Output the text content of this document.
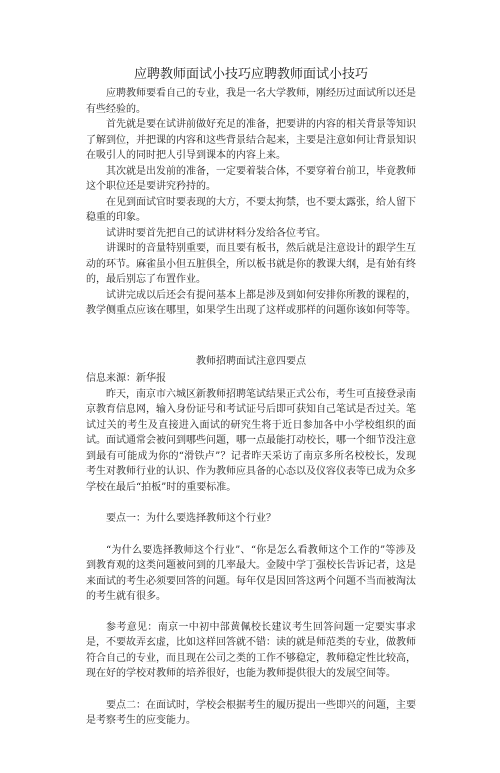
应聘教师面试小技巧应聘教师面试小技巧

应聘教师要看自己的专业，我是一名大学教师，刚经历过面试所以还是有些经验的。

首先就是要在试讲前做好充足的准备，把要讲的内容的相关背景等知识了解到位，并把课的内容和这些背景结合起来，主要是注意如何让背景知识在吸引人的同时把人引导到课本的内容上来。

其次就是出发前的准备，一定要着装合体，不要穿着台前卫，毕竟教师这个职位还是要讲究矜持的。

在见到面试官时要表现的大方，不要太拘禁，也不要太露张，给人留下稳重的印象。

试讲时要首先把自己的试讲材料分发给各位考官。

讲课时的音量特别重要，而且要有板书，然后就是注意设计的跟学生互动的环节。麻雀虽小但五脏俱全，所以板书就是你的教课大纲，是有始有终的，最后别忘了布置作业。

试讲完成以后还会有提问基本上都是涉及到如何安排你所教的课程的，教学侧重点应该在哪里，如果学生出现了这样或那样的问题你该如何等等。

教师招聘面试注意四要点

信息来源：新华报

昨天，南京市六城区新教师招聘笔试结果正式公布，考生可直接登录南京教育信息网，输入身份证号和考试证号后即可获知自己笔试是否过关。笔试过关的考生及直接进入面试的研究生将于近日参加各中小学校组织的面试。面试通常会被问到哪些问题，哪一点最能打动校长，哪一个细节没注意到最有可能成为你的“滑铁卢”？记者昨天采访了南京多所名校校长，发现考生对教师行业的认识、作为教师应具备的心态以及仪容仪表等已成为众多学校在最后“拍板”时的重要标准。

要点一：为什么要选择教师这个行业？

“为什么要选择教师这个行业”、“你是怎么看教师这个工作的”等涉及到教育观的这类问题被问到的几率最大。金陵中学丁强校长告诉记者，这是来面试的考生必须要回答的问题。每年仅是因回答这两个问题不当而被淘汰的考生就有很多。

参考意见：南京一中初中部黄佩校长建议考生回答问题一定要实事求是，不要故弄玄虚，比如这样回答就不错：读的就是师范类的专业，做教师符合自己的专业，而且现在公司之类的工作不够稳定，教师稳定性比较高，现在好的学校对教师的培养很好，也能为教师提供很大的发展空间等。

要点二：在面试时，学校会根据考生的履历提出一些即兴的问题，主要是考察考生的应变能力。
